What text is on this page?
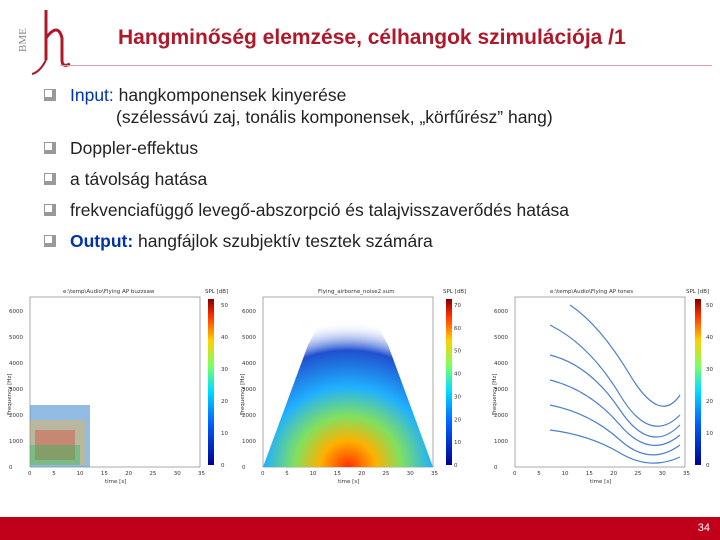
BME	Hangminőség elemzése, célhangok szimulációja /1
Input: hangkomponensek kinyerése
(szélessávú zaj, tonális komponensek, „körfűrész” hang)
Doppler-effektus
a távolság hatása
frekvenciafüggő levegő-abszorpció és talajvisszaverődés hatása
Output: hangfájlok szubjektív tesztek számára
e:\temp\Audio\Flying AP buzzsaw	SPL [dB]
time [s]
Frequency [Hz]
0	5	10	15	20	25	30	35
0
1000
2000
3000
4000
5000
6000
0
10
20
30
40
50
Flying_airborne_noise2.sum	SPL [dB]
time [s]
Frequency [Hz]
0	5	10	15	20	25	30	35
0
1000
2000
3000
4000
5000
6000
0
10
20
30
40
50
60
70
e:\temp\Audio\Flying AP tones	SPL [dB]
time [s]
Frequency [Hz]
0	5	10	15	20	25	30	35
0
1000
2000
3000
4000
5000
6000
0
10
20
30
40
50
34
